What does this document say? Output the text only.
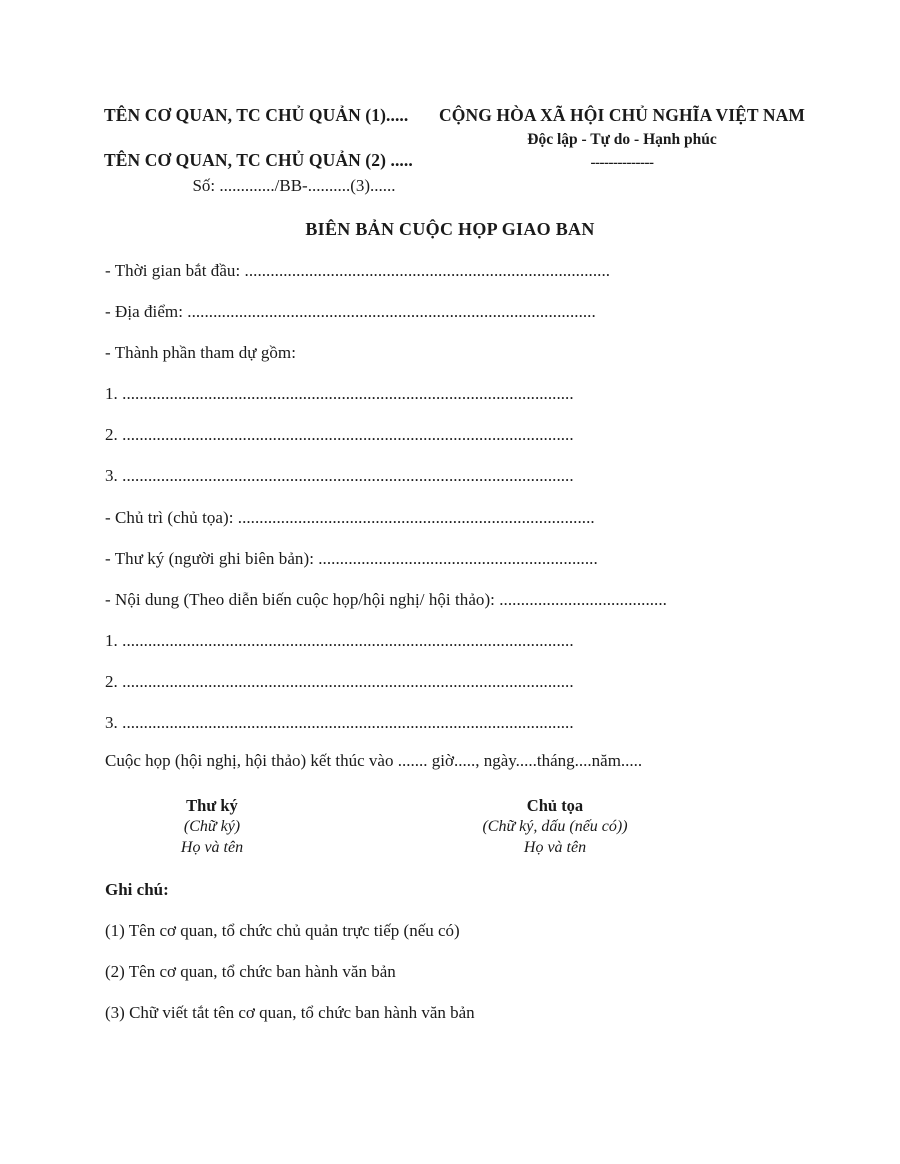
TÊN CƠ QUAN, TC CHỦ QUẢN (1).....
TÊN CƠ QUAN, TC CHỦ QUẢN (2) .....
Số: ............./BB-..........(3)......
CỘNG HÒA XÃ HỘI CHỦ NGHĨA VIỆT NAM
Độc lập - Tự do - Hạnh phúc
--------------
BIÊN BẢN CUỘC HỌP GIAO BAN
- Thời gian bắt đầu: .....................................................................................
- Địa điểm: ...............................................................................................
- Thành phần tham dự gồm:
1. .........................................................................................................
2. .........................................................................................................
3. .........................................................................................................
- Chủ trì (chủ tọa): ...................................................................................
- Thư ký (người ghi biên bản): .................................................................
- Nội dung (Theo diễn biến cuộc họp/hội nghị/ hội thảo): .......................................
1. .........................................................................................................
2. .........................................................................................................
3. .........................................................................................................
Cuộc họp (hội nghị, hội thảo) kết thúc vào ....... giờ....., ngày.....tháng....năm.....
Thư ký
(Chữ ký)
Họ và tên
Chủ tọa
(Chữ ký, dấu (nếu có))
Họ và tên
Ghi chú:
(1) Tên cơ quan, tổ chức chủ quản trực tiếp (nếu có)
(2) Tên cơ quan, tổ chức ban hành văn bản
(3) Chữ viết tắt tên cơ quan, tổ chức ban hành văn bản
